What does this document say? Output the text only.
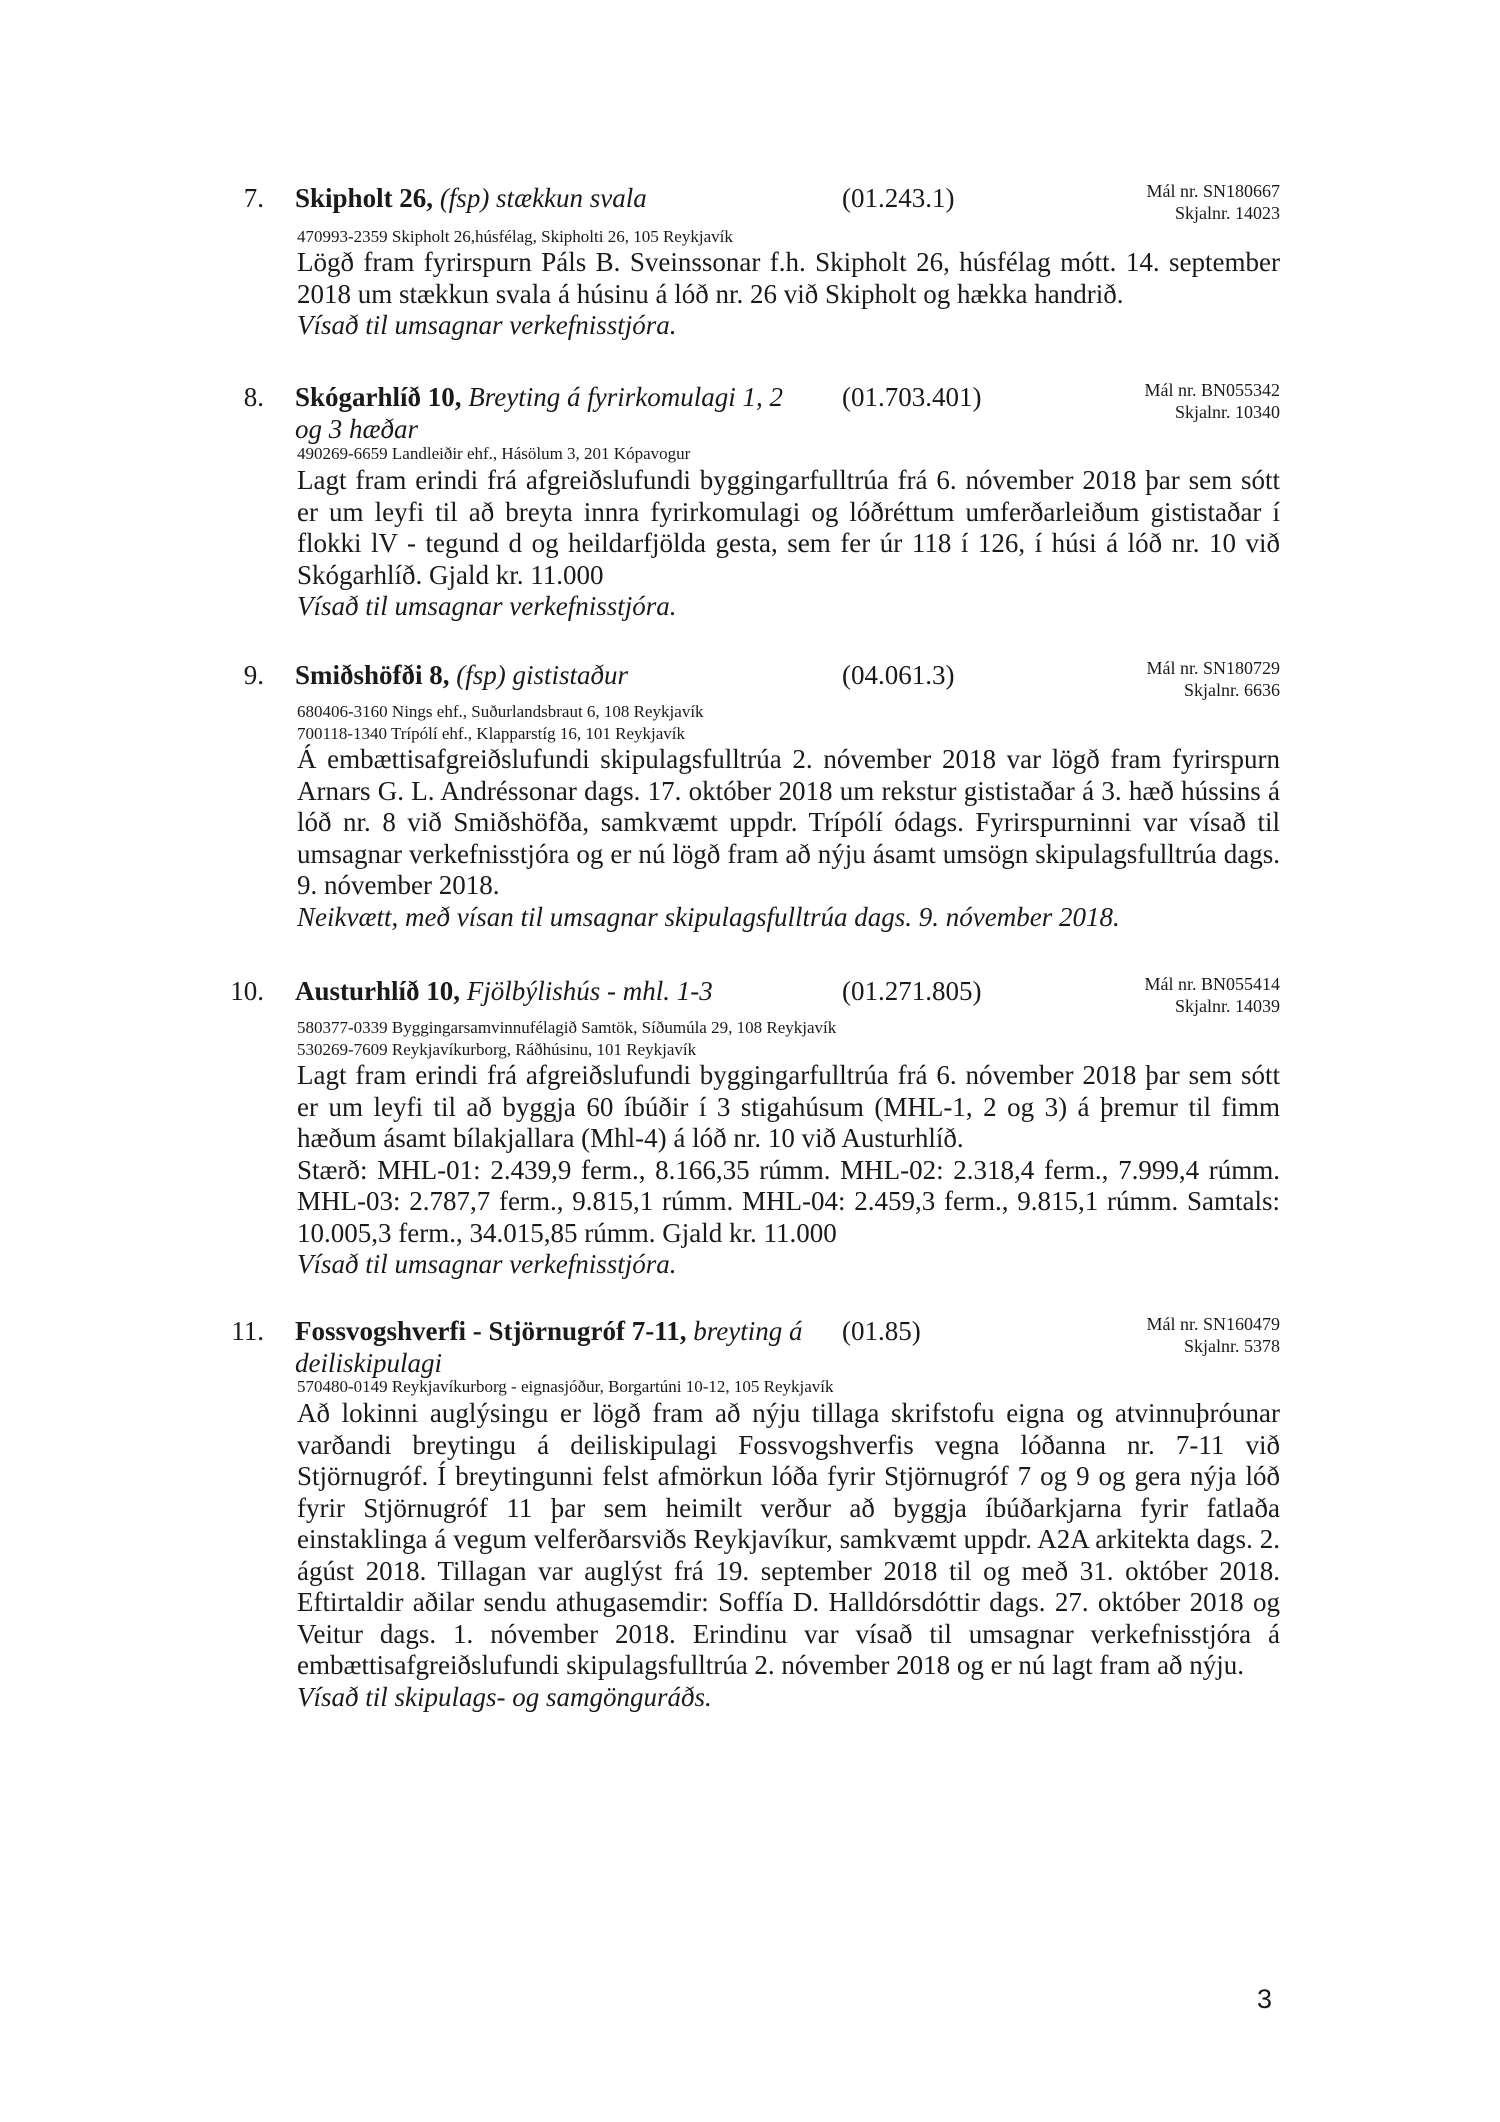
7. Skipholt 26, (fsp) stækkun svala	(01.243.1)	Mál nr. SN180667
Skjalnr. 14023
470993-2359 Skipholt 26,húsfélag, Skipholti 26, 105 Reykjavík

Lögð fram fyrirspurn Páls B. Sveinssonar f.h. Skipholt 26, húsfélag mótt. 14. september 2018 um stækkun svala á húsinu á lóð nr. 26 við Skipholt og hækka handrið.

Vísað til umsagnar verkefnisstjóra.

8. Skógarhlíð 10, Breyting á fyrirkomulagi 1, 2 og 3 hæðar
(01.703.401)	Mál nr. BN055342
Skjalnr. 10340
490269-6659 Landleiðir ehf., Hásölum 3, 201 Kópavogur

Lagt fram erindi frá afgreiðslufundi byggingarfulltrúa frá 6. nóvember 2018 þar sem sótt er um leyfi til að breyta innra fyrirkomulagi og lóðréttum umferðarleiðum gististaðar í flokki lV - tegund d og heildarfjölda gesta, sem fer úr 118 í 126, í húsi á lóð nr. 10 við Skógarhlíð. Gjald kr. 11.000

Vísað til umsagnar verkefnisstjóra.

9. Smiðshöfði 8, (fsp) gististaður	(04.061.3)	Mál nr. SN180729
Skjalnr. 6636
680406-3160 Nings ehf., Suðurlandsbraut 6, 108 Reykjavík
700118-1340 Trípólí ehf., Klapparstíg 16, 101 Reykjavík

Á embættisafgreiðslufundi skipulagsfulltrúa 2. nóvember 2018 var lögð fram fyrirspurn Arnars G. L. Andréssonar dags. 17. október 2018 um rekstur gististaðar á 3. hæð hússins á lóð nr. 8 við Smiðshöfða, samkvæmt uppdr. Trípólí ódags. Fyrirspurninni var vísað til umsagnar verkefnisstjóra og er nú lögð fram að nýju ásamt umsögn skipulagsfulltrúa dags. 9. nóvember 2018.

Neikvætt, með vísan til umsagnar skipulagsfulltrúa dags. 9. nóvember 2018.

10. Austurhlíð 10, Fjölbýlishús - mhl. 1-3	(01.271.805)	Mál nr. BN055414
Skjalnr. 14039
580377-0339 Byggingarsamvinnufélagið Samtök, Síðumúla 29, 108 Reykjavík
530269-7609 Reykjavíkurborg, Ráðhúsinu, 101 Reykjavík

Lagt fram erindi frá afgreiðslufundi byggingarfulltrúa frá 6. nóvember 2018 þar sem sótt er um leyfi til að byggja 60 íbúðir í 3 stigahúsum (MHL-1, 2 og 3) á þremur til fimm hæðum ásamt bílakjallara (Mhl-4) á lóð nr. 10 við Austurhlíð.

Stærð: MHL-01: 2.439,9 ferm., 8.166,35 rúmm. MHL-02: 2.318,4 ferm., 7.999,4 rúmm. MHL-03: 2.787,7 ferm., 9.815,1 rúmm. MHL-04: 2.459,3 ferm., 9.815,1 rúmm. Samtals: 10.005,3 ferm., 34.015,85 rúmm. Gjald kr. 11.000

Vísað til umsagnar verkefnisstjóra.

11. Fossvogshverfi - Stjörnugróf 7-11, breyting á deiliskipulagi
(01.85)	Mál nr. SN160479
Skjalnr. 5378
570480-0149 Reykjavíkurborg - eignasjóður, Borgartúni 10-12, 105 Reykjavík

Að lokinni auglýsingu er lögð fram að nýju tillaga skrifstofu eigna og atvinnuþróunar varðandi breytingu á deiliskipulagi Fossvogshverfis vegna lóðanna nr. 7-11 við Stjörnugróf. Í breytingunni felst afmörkun lóða fyrir Stjörnugróf 7 og 9 og gera nýja lóð fyrir Stjörnugróf 11 þar sem heimilt verður að byggja íbúðarkjarna fyrir fatlaða einstaklinga á vegum velferðarsviðs Reykjavíkur, samkvæmt uppdr. A2A arkitekta dags. 2. ágúst 2018. Tillagan var auglýst frá 19. september 2018 til og með 31. október 2018. Eftirtaldir aðilar sendu athugasemdir: Soffía D. Halldórsdóttir dags. 27. október 2018 og Veitur dags. 1. nóvember 2018. Erindinu var vísað til umsagnar verkefnisstjóra á embættisafgreiðslufundi skipulagsfulltrúa 2. nóvember 2018 og er nú lagt fram að nýju.

Vísað til skipulags- og samgönguráðs.

3
